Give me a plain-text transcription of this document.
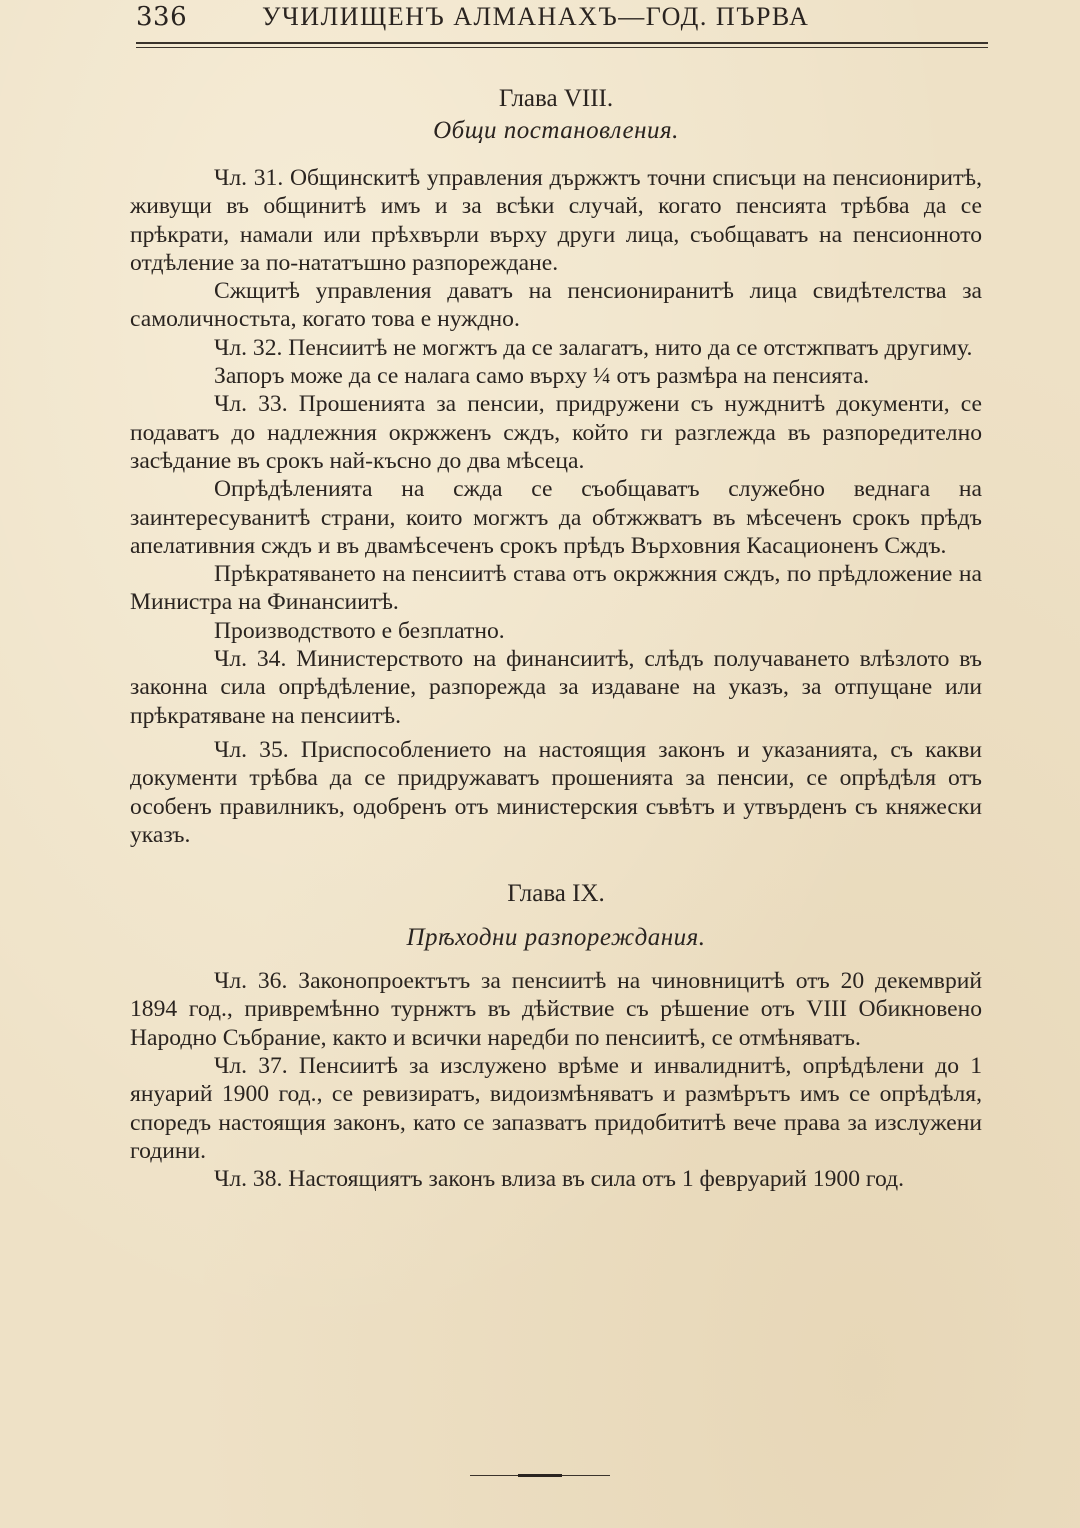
336	УЧИЛИЩЕНЪ АЛМАНАХЪ—ГОД. ПЪРВА
Глава VIII.

Общи постановления.

Чл. 31. Общинскитѣ управления държжтъ точни списъци на пенсиониритѣ, живущи въ общинитѣ имъ и за всѣки случай, когато пенсията трѣбва да се прѣкрати, намали или прѣхвърли върху други лица, съобщаватъ на пенсионното отдѣление за по-нататъшно разпореждане.

Сжщитѣ управления даватъ на пенсиониранитѣ лица свидѣтелства за самоличностьта, когато това е нуждно.

Чл. 32. Пенсиитѣ не могжтъ да се залагатъ, нито да се отстжпватъ другиму.

Запоръ може да се налага само върху ¼ отъ размѣра на пенсията.

Чл. 33. Прошенията за пенсии, придружени съ нужднитѣ документи, се подаватъ до надлежния окржженъ сждъ, който ги разглежда въ разпоредително засѣдание въ срокъ най-късно до два мѣсеца.

Опрѣдѣленията на сжда се съобщаватъ служебно веднага на заинтересуванитѣ страни, които могжтъ да обтжжватъ въ мѣсеченъ срокъ прѣдъ апелативния сждъ и въ двамѣсеченъ срокъ прѣдъ Върховния Касационенъ Сждъ.

Прѣкратяването на пенсиитѣ става отъ окржжния сждъ, по прѣдложение на Министра на Финансиитѣ.

Производството е безплатно.

Чл. 34. Министерството на финансиитѣ, слѣдъ получаването влѣзлото въ законна сила опрѣдѣление, разпорежда за издаване на указъ, за отпущане или прѣкратяване на пенсиитѣ.

Чл. 35. Приспособлението на настоящия законъ и указанията, съ какви документи трѣбва да се придружаватъ прошенията за пенсии, се опрѣдѣля отъ особенъ правилникъ, одобренъ отъ министерския съвѣтъ и утвърденъ съ княжески указъ.

Глава IX.

Прѣходни разпореждания.

Чл. 36. Законопроектътъ за пенсиитѣ на чиновницитѣ отъ 20 декемврий 1894 год., привремѣнно турнжтъ въ дѣйствие съ рѣшение отъ VIII Обикновено Народно Събрание, както и всички наредби по пенсиитѣ, се отмѣняватъ.

Чл. 37. Пенсиитѣ за изслужено врѣме и инвалиднитѣ, опрѣдѣлени до 1 януарий 1900 год., се ревизиратъ, видоизмѣняватъ и размѣрътъ имъ се опрѣдѣля, споредъ настоящия законъ, като се запазватъ придобититѣ вече права за изслужени години.

Чл. 38. Настоящиятъ законъ влиза въ сила отъ 1 февруарий 1900 год.
